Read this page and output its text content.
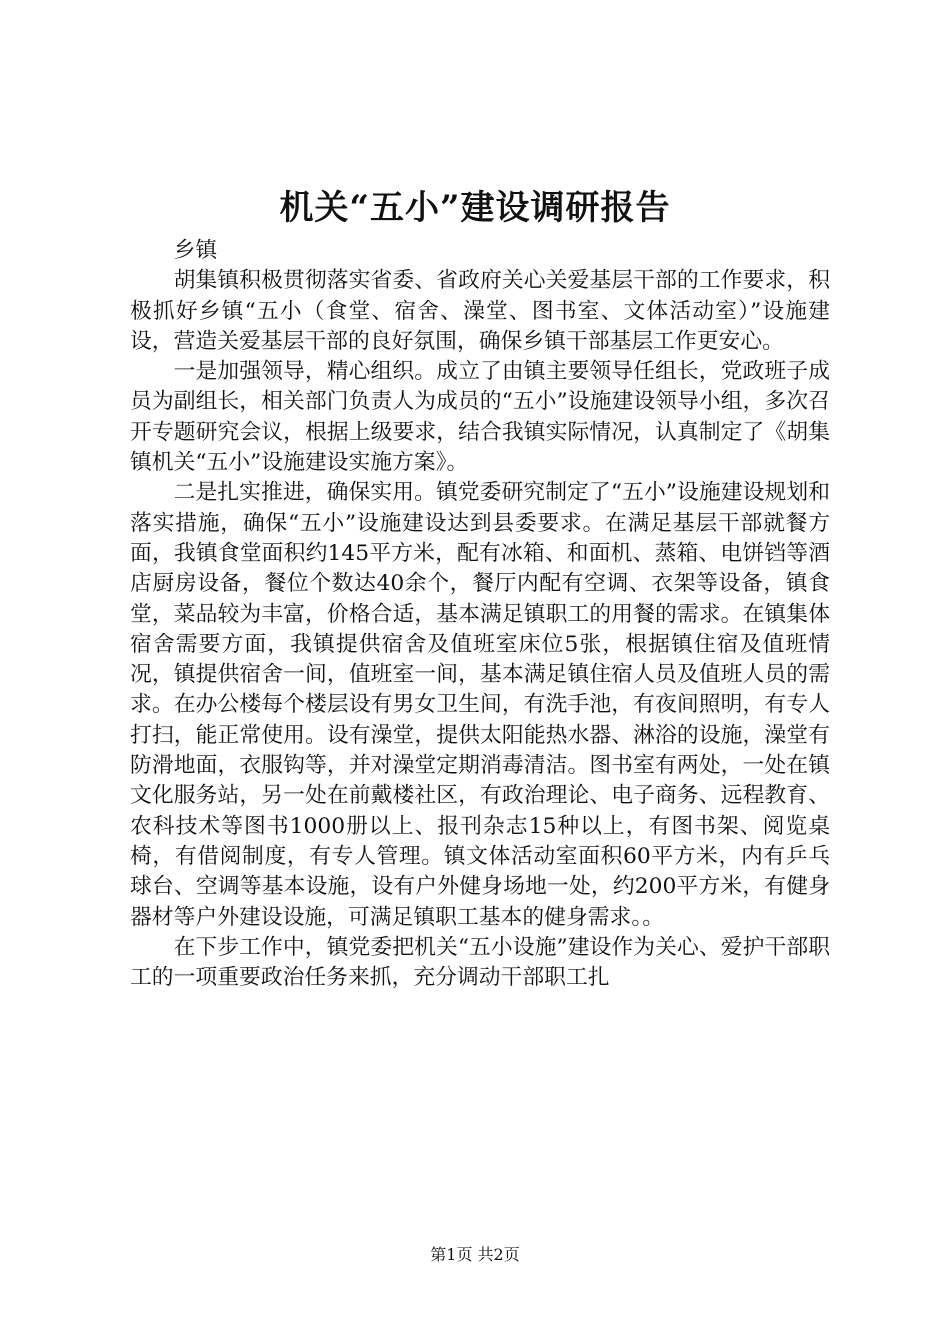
机关“五小”建设调研报告

乡镇

胡集镇积极贯彻落实省委、省政府关心关爱基层干部的工作要求，积极抓好乡镇“五小（食堂、宿舍、澡堂、图书室、文体活动室）”设施建设，营造关爱基层干部的良好氛围，确保乡镇干部基层工作更安心。

一是加强领导，精心组织。成立了由镇主要领导任组长，党政班子成员为副组长，相关部门负责人为成员的“五小”设施建设领导小组，多次召开专题研究会议，根据上级要求，结合我镇实际情况，认真制定了《胡集镇机关“五小”设施建设实施方案》。

二是扎实推进，确保实用。镇党委研究制定了“五小”设施建设规划和落实措施，确保“五小”设施建设达到县委要求。在满足基层干部就餐方面，我镇食堂面积约145平方米，配有冰箱、和面机、蒸箱、电饼铛等酒店厨房设备，餐位个数达40余个，餐厅内配有空调、衣架等设备，镇食堂，菜品较为丰富，价格合适，基本满足镇职工的用餐的需求。在镇集体宿舍需要方面，我镇提供宿舍及值班室床位5张，根据镇住宿及值班情况，镇提供宿舍一间，值班室一间，基本满足镇住宿人员及值班人员的需求。在办公楼每个楼层设有男女卫生间，有洗手池，有夜间照明，有专人打扫，能正常使用。设有澡堂，提供太阳能热水器、淋浴的设施，澡堂有防滑地面，衣服钩等，并对澡堂定期消毒清洁。图书室有两处，一处在镇文化服务站，另一处在前戴楼社区，有政治理论、电子商务、远程教育、农科技术等图书1000册以上、报刊杂志15种以上，有图书架、阅览桌椅，有借阅制度，有专人管理。镇文体活动室面积60平方米，内有乒乓球台、空调等基本设施，设有户外健身场地一处，约200平方米，有健身器材等户外建设设施，可满足镇职工基本的健身需求。。

在下步工作中，镇党委把机关“五小设施”建设作为关心、爱护干部职工的一项重要政治任务来抓，充分调动干部职工扎

第1页 共2页
